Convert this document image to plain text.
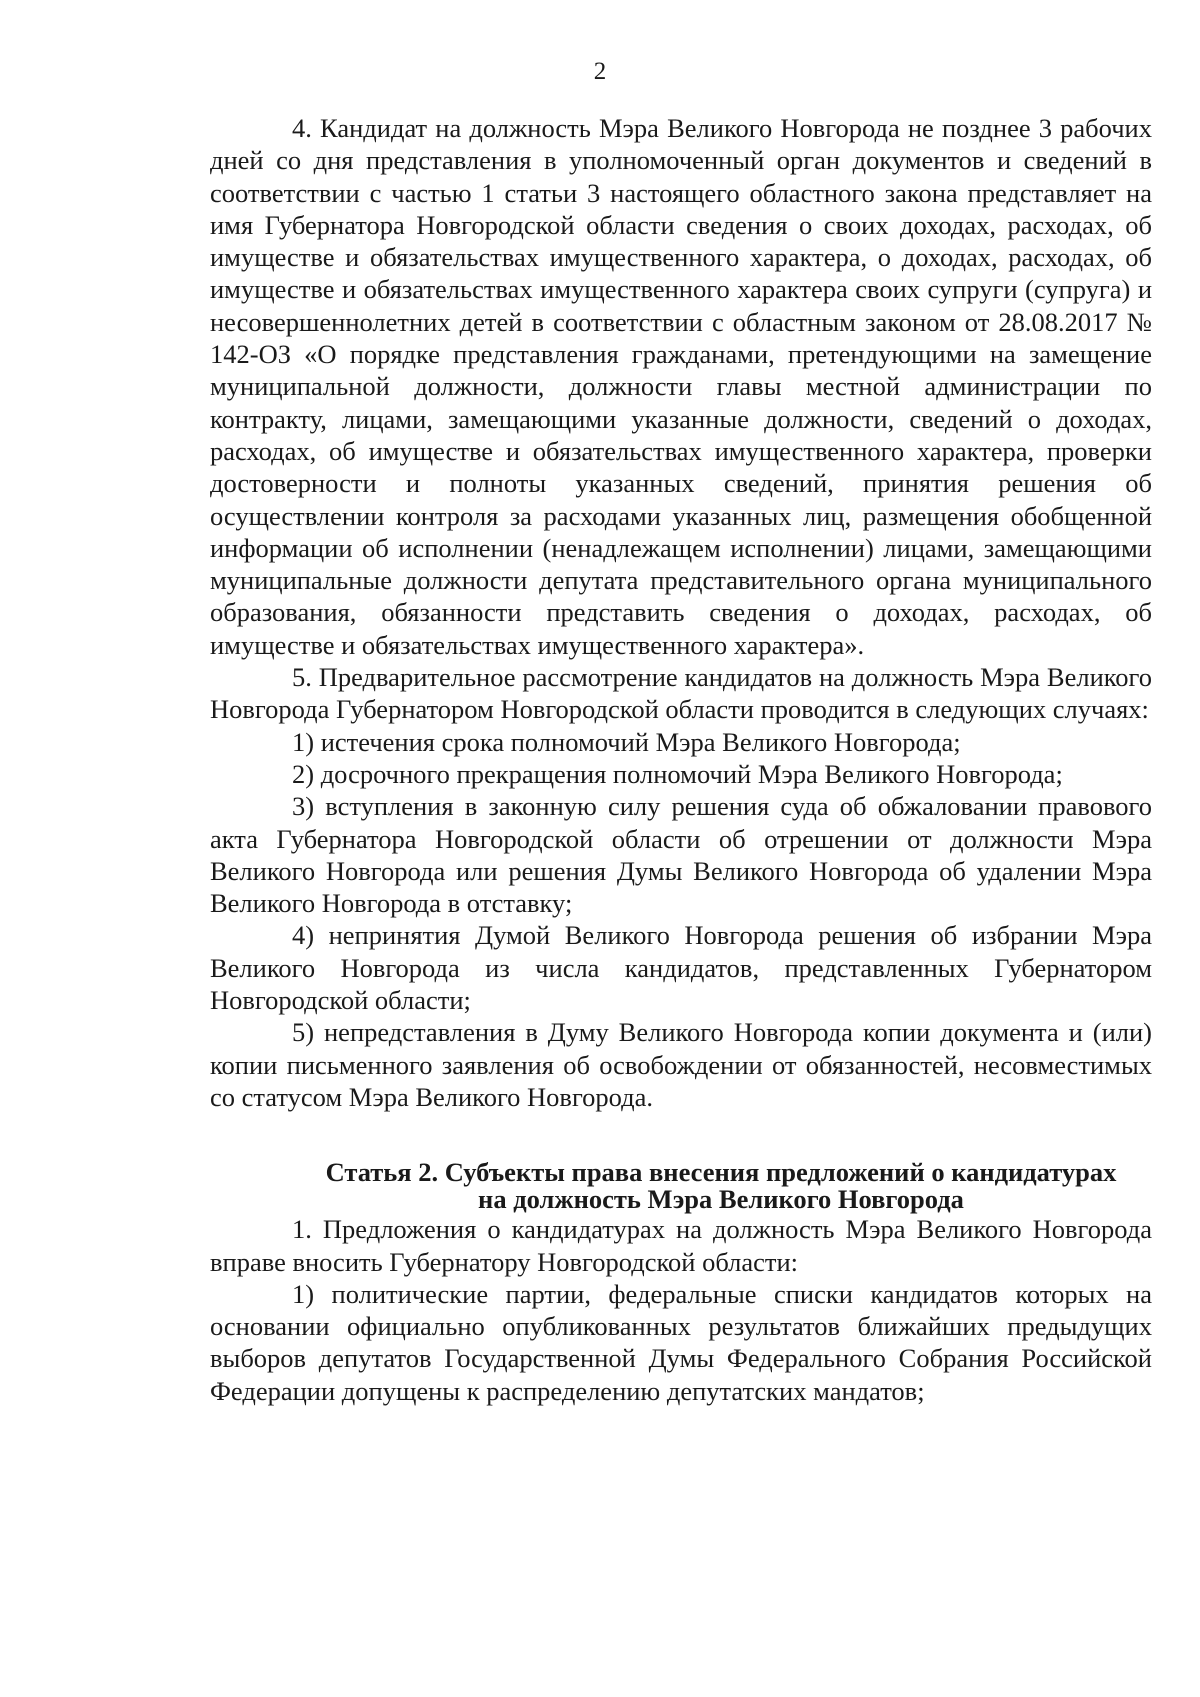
2

4. Кандидат на должность Мэра Великого Новгорода не позднее 3 рабочих дней со дня представления в уполномоченный орган документов и сведений в соответствии с частью 1 статьи 3 настоящего областного закона представляет на имя Губернатора Новгородской области сведения о своих доходах, расходах, об имуществе и обязательствах имущественного характера, о доходах, расходах, об имуществе и обязательствах имущественного характера своих супруги (супруга) и несовершеннолетних детей в соответствии с областным законом от 28.08.2017 № 142-ОЗ «О порядке представления гражданами, претендующими на замещение муниципальной должности, должности главы местной администрации по контракту, лицами, замещающими указанные должности, сведений о доходах, расходах, об имуществе и обязательствах имущественного характера, проверки достоверности и полноты указанных сведений, принятия решения об осуществлении контроля за расходами указанных лиц, размещения обобщенной информации об исполнении (ненадлежащем исполнении) лицами, замещающими муниципальные должности депутата представительного органа муниципального образования, обязанности представить сведения о доходах, расходах, об имуществе и обязательствах имущественного характера».

5. Предварительное рассмотрение кандидатов на должность Мэра Великого Новгорода Губернатором Новгородской области проводится в следующих случаях:

1) истечения срока полномочий Мэра Великого Новгорода;

2) досрочного прекращения полномочий Мэра Великого Новгорода;

3) вступления в законную силу решения суда об обжаловании правового акта Губернатора Новгородской области об отрешении от должности Мэра Великого Новгорода или решения Думы Великого Новгорода об удалении Мэра Великого Новгорода в отставку;

4) непринятия Думой Великого Новгорода решения об избрании Мэра Великого Новгорода из числа кандидатов, представленных Губернатором Новгородской области;

5) непредставления в Думу Великого Новгорода копии документа и (или) копии письменного заявления об освобождении от обязанностей, несовместимых со статусом Мэра Великого Новгорода.

Статья 2. Субъекты права внесения предложений о кандидатурах
на должность Мэра Великого Новгорода

1. Предложения о кандидатурах на должность Мэра Великого Новгорода вправе вносить Губернатору Новгородской области:

1) политические партии, федеральные списки кандидатов которых на основании официально опубликованных результатов ближайших предыдущих выборов депутатов Государственной Думы Федерального Собрания Российской Федерации допущены к распределению депутатских мандатов;
